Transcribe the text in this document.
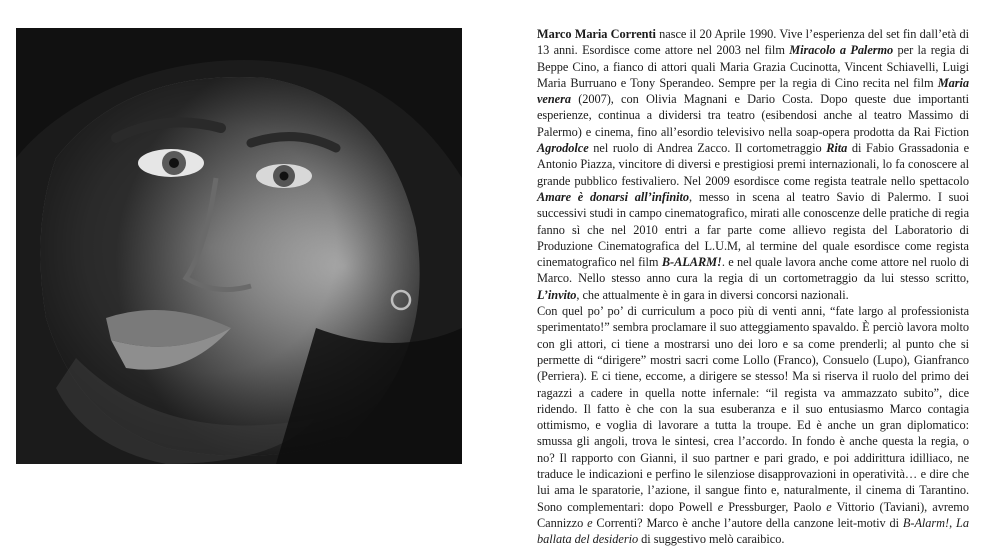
Marco Maria Correnti nasce il 20 Aprile 1990. Vive l’esperienza del set fin dall’età di 13 anni. Esordisce come attore nel 2003 nel film Miracolo a Palermo per la regia di Beppe Cino, a fianco di attori quali Maria Grazia Cucinotta, Vincent Schiavelli, Luigi Maria Burruano e Tony Sperandeo. Sempre per la regia di Cino recita nel film Maria venera (2007), con Olivia Magnani e Dario Costa. Dopo queste due importanti esperienze, continua a dividersi tra teatro (esibendosi anche al teatro Massimo di Palermo) e cinema, fino all’esordio televisivo nella soap-opera prodotta da Rai Fiction Agrodolce nel ruolo di Andrea Zacco. Il cortometraggio Rita di Fabio Grassadonia e Antonio Piazza, vincitore di diversi e prestigiosi premi internazionali, lo fa conoscere al grande pubblico festivaliero. Nel 2009 esordisce come regista teatrale nello spettacolo Amare è donarsi all’infinito, messo in scena al teatro Savio di Palermo. I suoi successivi studi in campo cinematografico, mirati alle conoscenze delle pratiche di regia fanno sì che nel 2010 entri a far parte come allievo regista del Laboratorio di Produzione Cinematografica del L.U.M, al termine del quale esordisce come regista cinematografico nel film B-ALARM!. e nel quale lavora anche come attore nel ruolo di Marco. Nello stesso anno cura la regia di un cortometraggio da lui stesso scritto, L’invito, che attualmente è in gara in diversi concorsi nazionali.

Con quel po’ po’ di curriculum a poco più di venti anni, “fate largo al professionista sperimentato!” sembra proclamare il suo atteggiamento spavaldo. È perciò lavora molto con gli attori, ci tiene a mostrarsi uno dei loro e sa come prenderli; al punto che si permette di “dirigere” mostri sacri come Lollo (Franco), Consuelo (Lupo), Gianfranco (Perriera). E ci tiene, eccome, a dirigere se stesso! Ma si riserva il ruolo del primo dei ragazzi a cadere in quella notte infernale: “il regista va ammazzato subito”, dice ridendo. Il fatto è che con la sua esuberanza e il suo entusiasmo Marco contagia ottimismo, e voglia di lavorare a tutta la troupe. Ed è anche un gran diplomatico: smussa gli angoli, trova le sintesi, crea l’accordo. In fondo è anche questa la regia, o no? Il rapporto con Gianni, il suo partner e pari grado, e poi addirittura idilliaco, ne traduce le indicazioni e perfino le silenziose disapprovazioni in operatività… e dire che lui ama le sparatorie, l’azione, il sangue finto e, naturalmente, il cinema di Tarantino. Sono complementari: dopo Powell e Pressburger, Paolo e Vittorio (Taviani), avremo Cannizzo e Correnti? Marco è anche l’autore della canzone leit-motiv di B-Alarm!, La ballata del desiderio di suggestivo melò caraibico.
